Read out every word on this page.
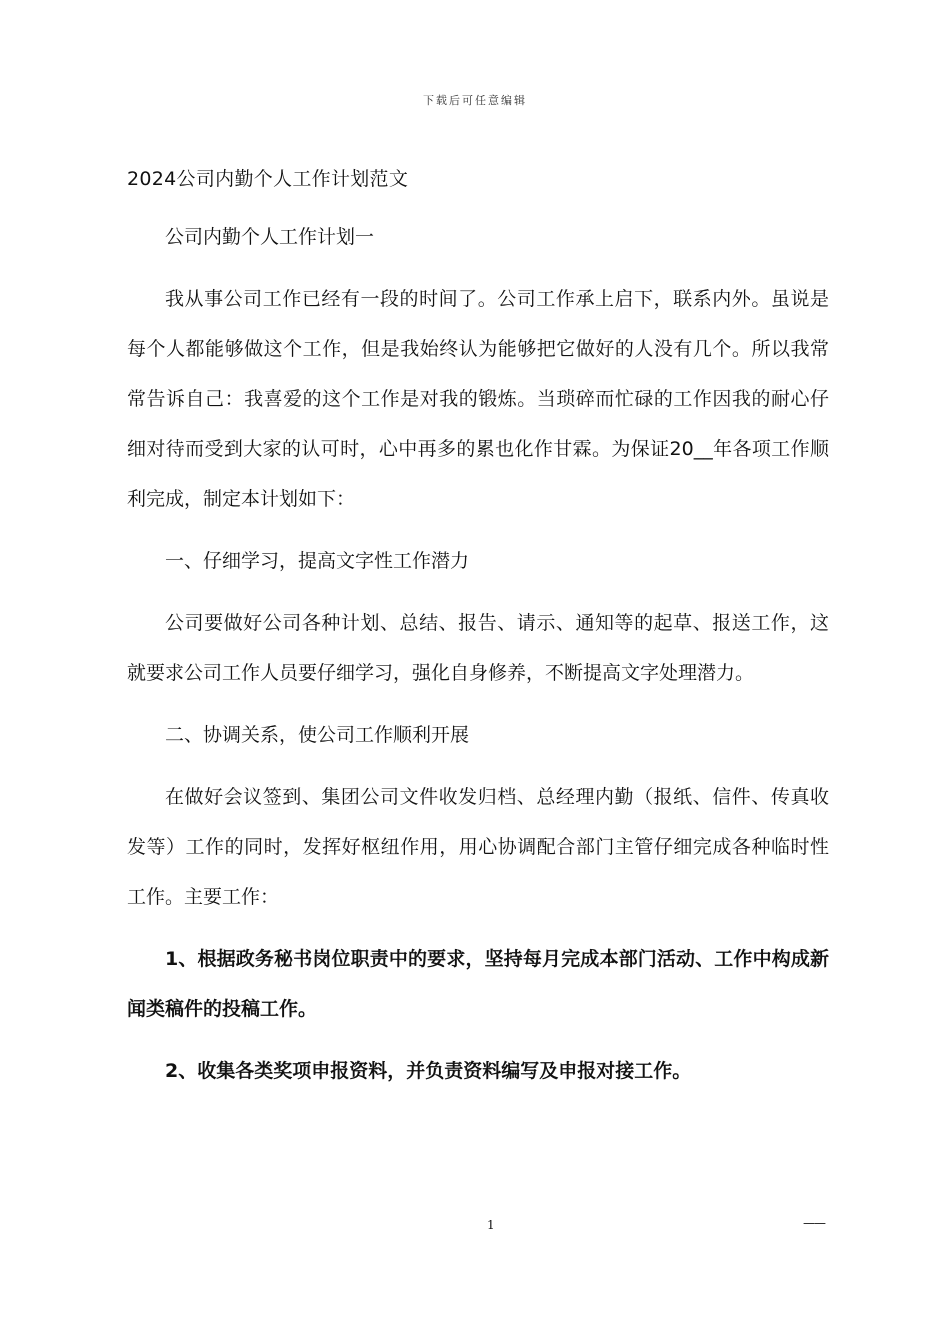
下载后可任意编辑
2024公司内勤个人工作计划范文

公司内勤个人工作计划一

我从事公司工作已经有一段的时间了。公司工作承上启下，联系内外。虽说是每个人都能够做这个工作，但是我始终认为能够把它做好的人没有几个。所以我常常告诉自己：我喜爱的这个工作是对我的锻炼。当琐碎而忙碌的工作因我的耐心仔细对待而受到大家的认可时，心中再多的累也化作甘霖。为保证20__年各项工作顺利完成，制定本计划如下：

一、仔细学习，提高文字性工作潜力

公司要做好公司各种计划、总结、报告、请示、通知等的起草、报送工作，这就要求公司工作人员要仔细学习，强化自身修养，不断提高文字处理潜力。

二、协调关系，使公司工作顺利开展

在做好会议签到、集团公司文件收发归档、总经理内勤（报纸、信件、传真收发等）工作的同时，发挥好枢纽作用，用心协调配合部门主管仔细完成各种临时性工作。主要工作：

1、根据政务秘书岗位职责中的要求，坚持每月完成本部门活动、工作中构成新闻类稿件的投稿工作。

2、收集各类奖项申报资料，并负责资料编写及申报对接工作。

1	——
